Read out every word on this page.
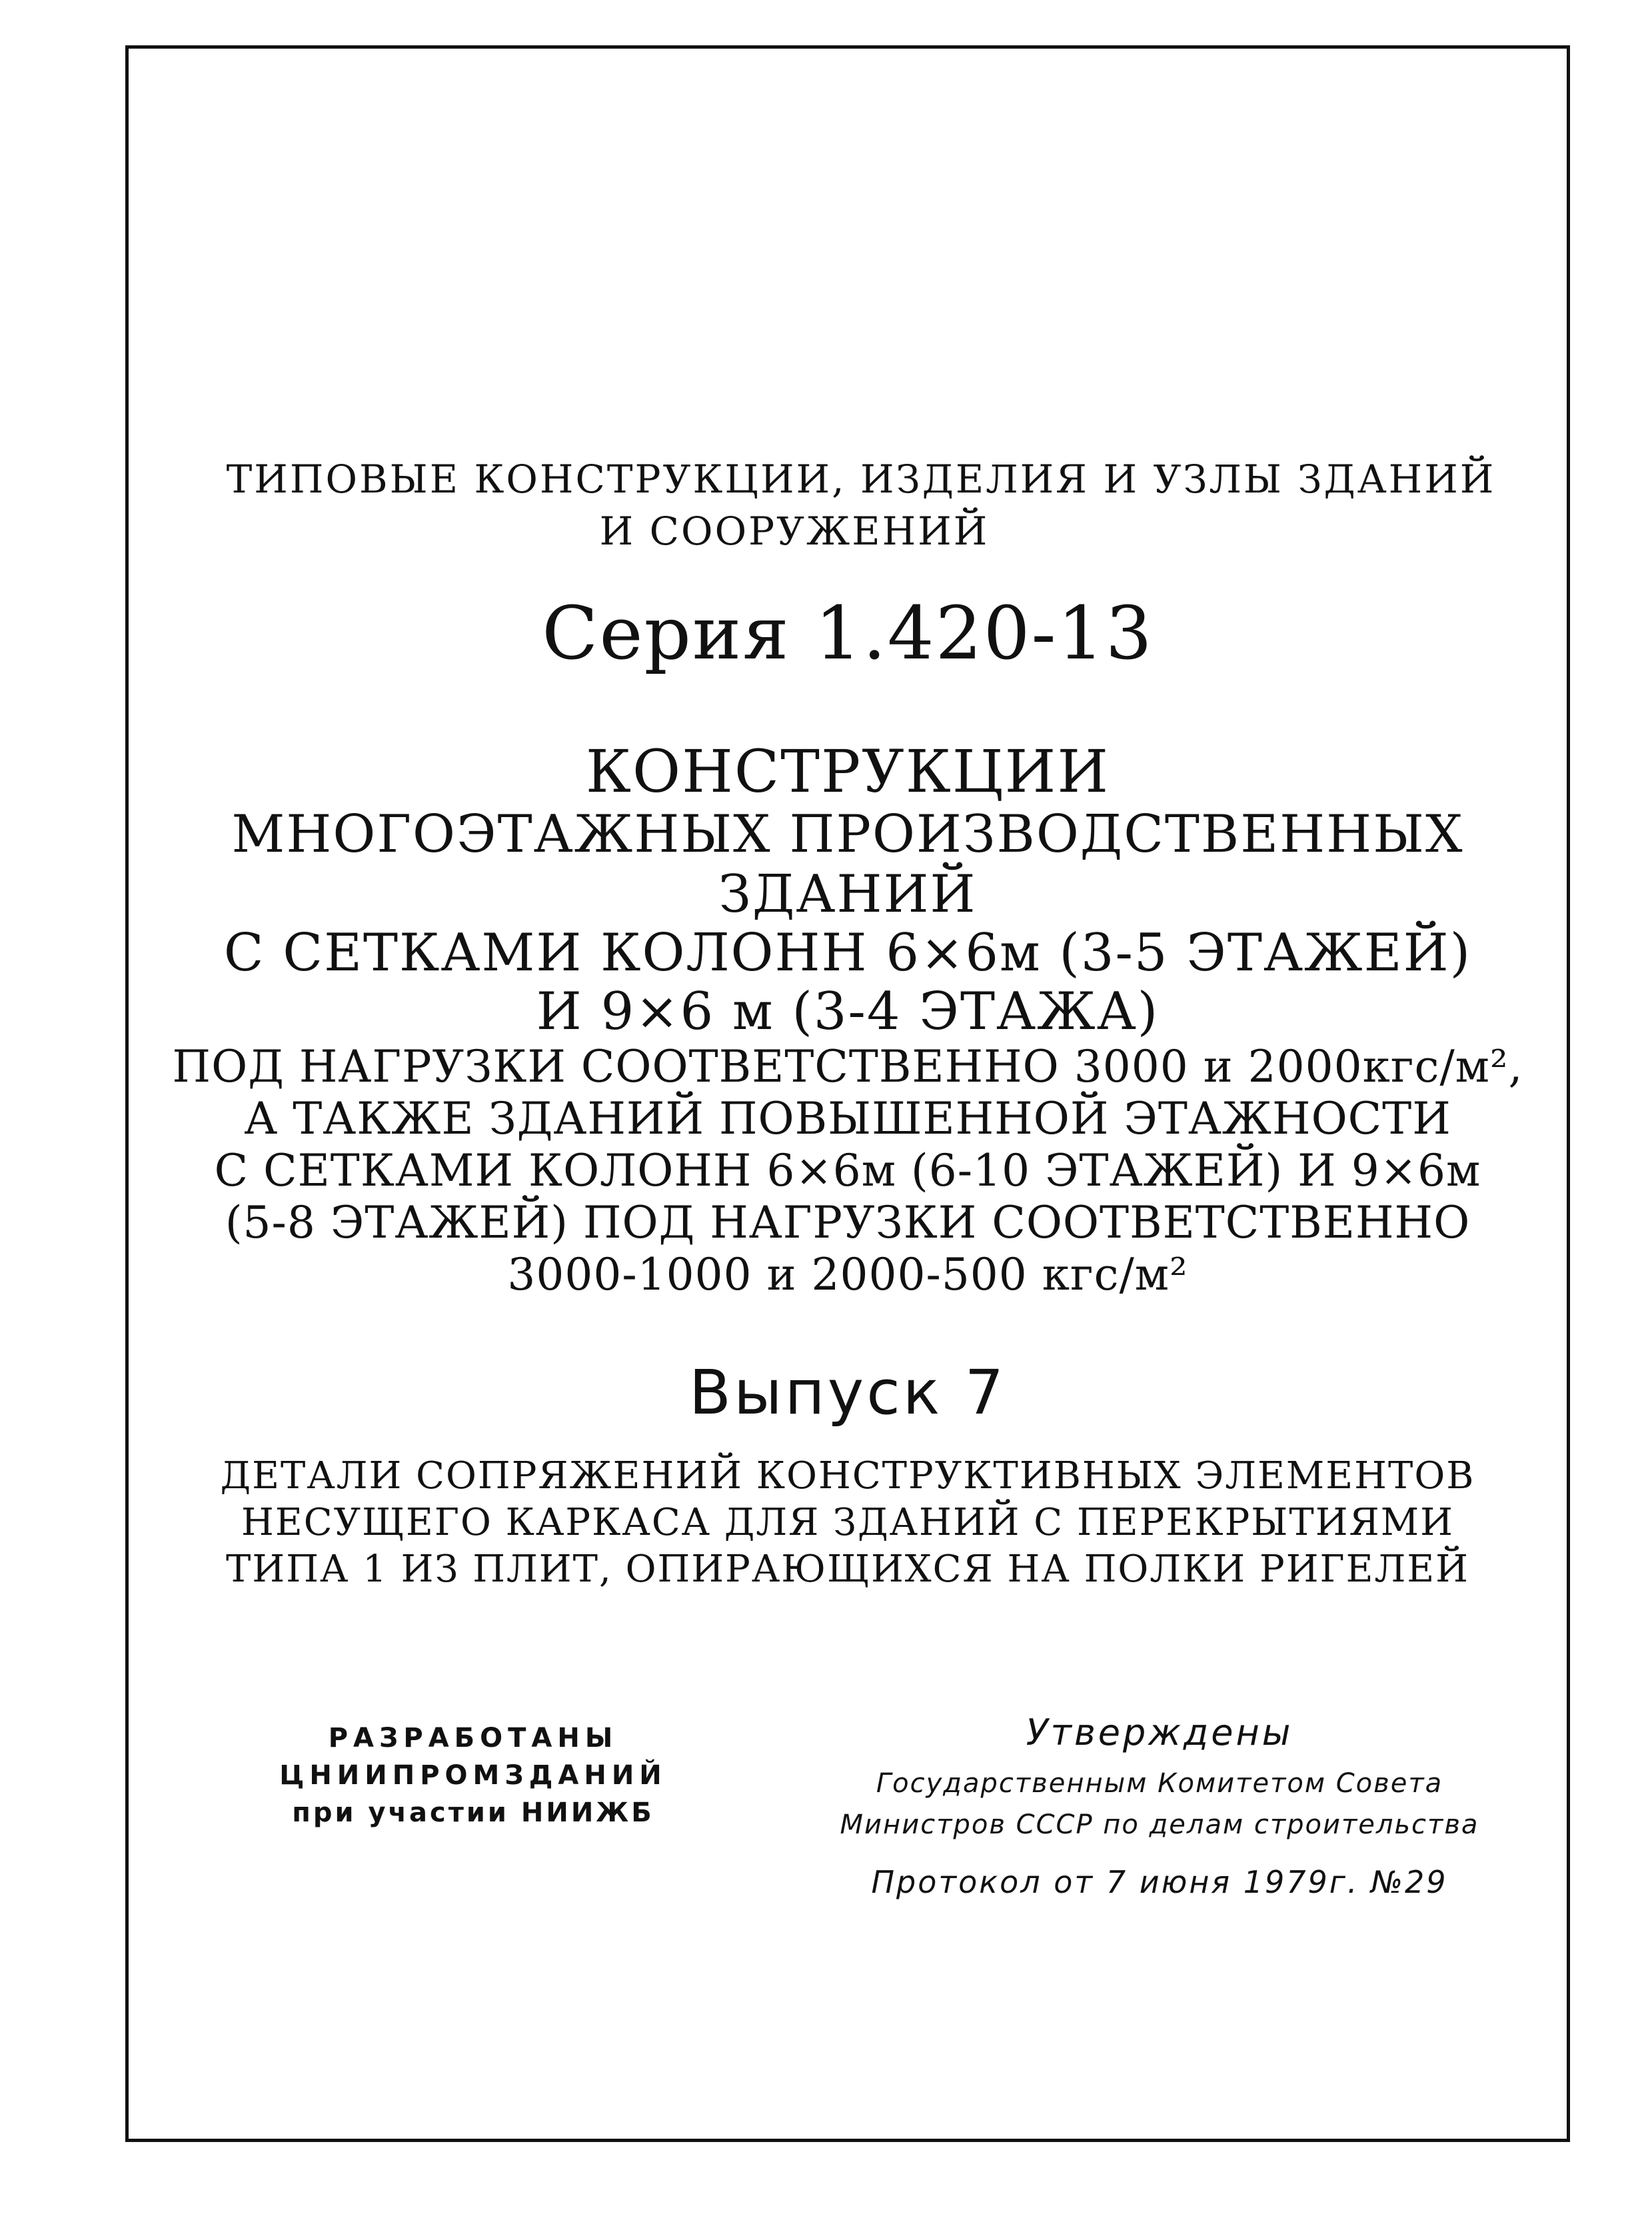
ТИПОВЫЕ КОНСТРУКЦИИ, ИЗДЕЛИЯ И УЗЛЫ ЗДАНИЙ
И СООРУЖЕНИЙ
Серия 1.420-13
КОНСТРУКЦИИ
МНОГОЭТАЖНЫХ ПРОИЗВОДСТВЕННЫХ
ЗДАНИЙ
С СЕТКАМИ КОЛОНН 6×6м (3-5 ЭТАЖЕЙ)
И 9×6 м (3-4 ЭТАЖА)
ПОД НАГРУЗКИ СООТВЕТСТВЕННО 3000 и 2000кгс/м²,
А ТАКЖЕ ЗДАНИЙ ПОВЫШЕННОЙ ЭТАЖНОСТИ
С СЕТКАМИ КОЛОНН 6×6м (6-10 ЭТАЖЕЙ) И 9×6м
(5-8 ЭТАЖЕЙ) ПОД НАГРУЗКИ СООТВЕТСТВЕННО
3000-1000 и 2000-500 кгс/м²
Выпуск 7
ДЕТАЛИ СОПРЯЖЕНИЙ КОНСТРУКТИВНЫХ ЭЛЕМЕНТОВ
НЕСУЩЕГО КАРКАСА ДЛЯ ЗДАНИЙ С ПЕРЕКРЫТИЯМИ
ТИПА 1 ИЗ ПЛИТ, ОПИРАЮЩИХСЯ НА ПОЛКИ РИГЕЛЕЙ
РАЗРАБОТАНЫ
ЦНИИПРОМЗДАНИЙ
при участии НИИЖБ
Утверждены
Государственным Комитетом Совета
Министров СССР по делам строительства
Протокол от 7 июня 1979г. №29
